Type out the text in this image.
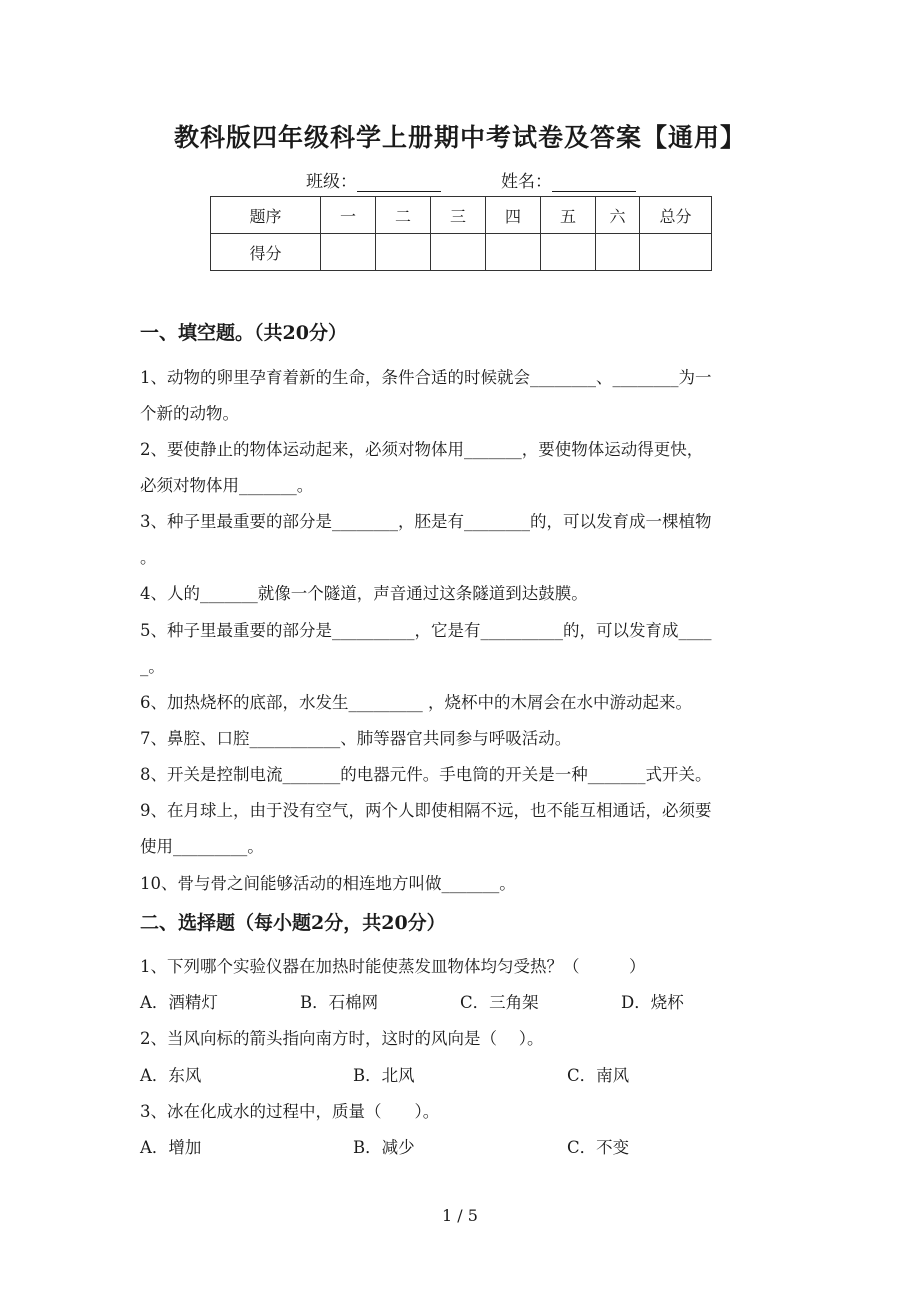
教科版四年级科学上册期中考试卷及答案【通用】
班级：	姓名：
题序	一	二	三	四	五	六	总分
得分							
一、填空题。（共20分）
1、动物的卵里孕育着新的生命，条件合适的时候就会________、________为一
个新的动物。
2、要使静止的物体运动起来，必须对物体用_______，要使物体运动得更快，
必须对物体用_______。
3、种子里最重要的部分是________，胚是有________的，可以发育成一棵植物
。
4、人的_______就像一个隧道，声音通过这条隧道到达鼓膜。
5、种子里最重要的部分是__________，它是有__________的，可以发育成____
_。
6、加热烧杯的底部，水发生_________ ，烧杯中的木屑会在水中游动起来。
7、鼻腔、口腔___________、肺等器官共同参与呼吸活动。
8、开关是控制电流_______的电器元件。手电筒的开关是一种_______式开关。
9、在月球上，由于没有空气，两个人即使相隔不远，也不能互相通话，必须要
使用_________。
10、骨与骨之间能够活动的相连地方叫做_______。
二、选择题（每小题2分，共20分）
1、下列哪个实验仪器在加热时能使蒸发皿物体均匀受热？（　　　）
A．酒精灯	B．石棉网	C．三角架	D．烧杯
2、当风向标的箭头指向南方时，这时的风向是（　 ）。
A．东风	B．北风	C．南风
3、冰在化成水的过程中，质量（　　）。
A．增加	B．减少	C．不变
1 / 5
